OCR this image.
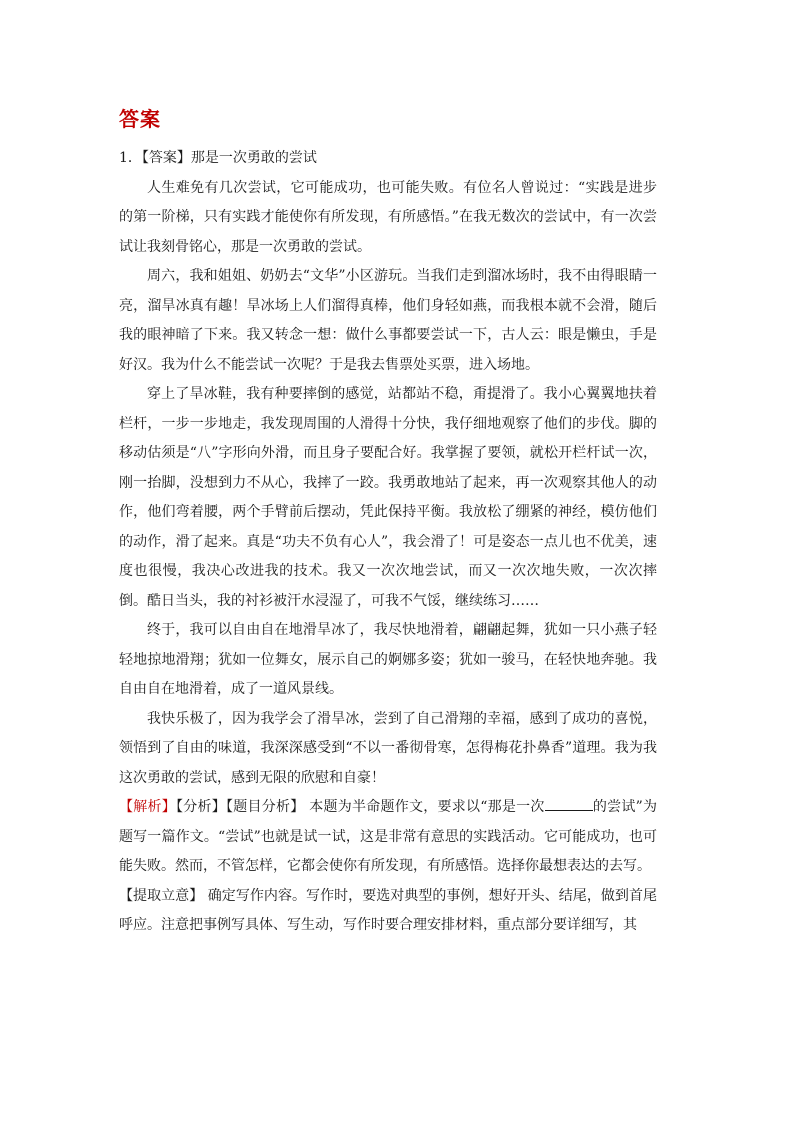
答案

1．【答案】那是一次勇敢的尝试

人生难免有几次尝试，它可能成功，也可能失败。有位名人曾说过：“实践是进步的第一阶梯，只有实践才能使你有所发现，有所感悟。”在我无数次的尝试中，有一次尝试让我刻骨铭心，那是一次勇敢的尝试。

周六，我和姐姐、奶奶去“文华”小区游玩。当我们走到溜冰场时，我不由得眼睛一亮，溜旱冰真有趣！旱冰场上人们溜得真棒，他们身轻如燕，而我根本就不会滑，随后我的眼神暗了下来。我又转念一想：做什么事都要尝试一下，古人云：眼是懒虫，手是好汉。我为什么不能尝试一次呢？于是我去售票处买票，进入场地。

穿上了旱冰鞋，我有种要摔倒的感觉，站都站不稳，甭提滑了。我小心翼翼地扶着栏杆，一步一步地走，我发现周围的人滑得十分快，我仔细地观察了他们的步伐。脚的移动估须是“八”字形向外滑，而且身子要配合好。我掌握了要领，就松开栏杆试一次，刚一抬脚，没想到力不从心，我摔了一跤。我勇敢地站了起来，再一次观察其他人的动作，他们弯着腰，两个手臂前后摆动，凭此保持平衡。我放松了绷紧的神经，模仿他们的动作，滑了起来。真是“功夫不负有心人”，我会滑了！可是姿态一点儿也不优美，速度也很慢，我决心改进我的技术。我又一次次地尝试，而又一次次地失败，一次次摔倒。酷日当头，我的衬衫被汗水浸湿了，可我不气馁，继续练习……

终于，我可以自由自在地滑旱冰了，我尽快地滑着，翩翩起舞，犹如一只小燕子轻轻地掠地滑翔；犹如一位舞女，展示自己的婀娜多姿；犹如一骏马，在轻快地奔驰。我自由自在地滑着，成了一道风景线。

我快乐极了，因为我学会了滑旱冰，尝到了自己滑翔的幸福，感到了成功的喜悦，领悟到了自由的味道，我深深感受到“不以一番彻骨寒，怎得梅花扑鼻香”道理。我为我这次勇敢的尝试，感到无限的欣慰和自豪！

【解析】【分析】【题目分析】 本题为半命题作文，要求以“那是一次	的尝试”为题写一篇作文。“尝试”也就是试一试，这是非常有意思的实践活动。它可能成功，也可能失败。然而，不管怎样，它都会使你有所发现，有所感悟。选择你最想表达的去写。

【提取立意】 确定写作内容。写作时，要选对典型的事例，想好开头、结尾，做到首尾呼应。注意把事例写具体、写生动，写作时要合理安排材料，重点部分要详细写，其
